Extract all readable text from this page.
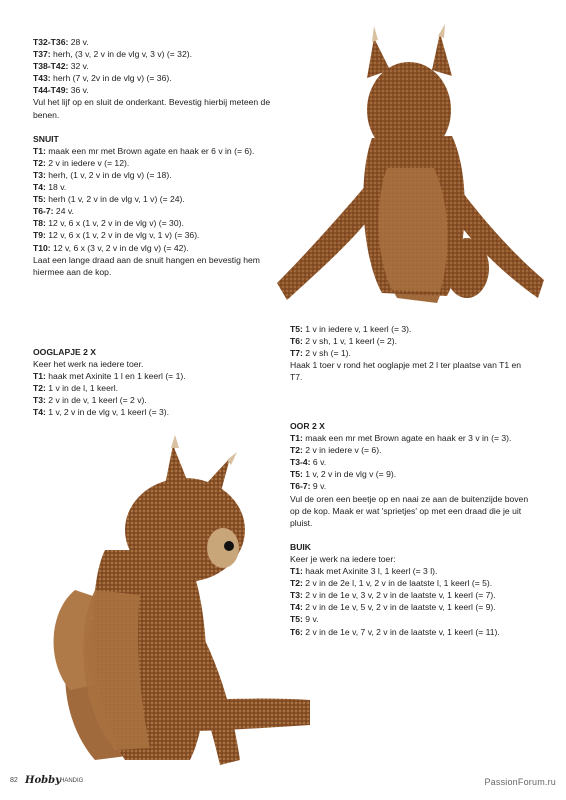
T32-T36: 28 v.

T37: herh, (3 v, 2 v in de vlg v, 3 v) (= 32).

T38-T42: 32 v.

T43: herh (7 v, 2v in de vlg v) (= 36).

T44-T49: 36 v.

Vul het lijf op en sluit de onderkant. Bevestig hierbij meteen de benen.

SNUIT

T1: maak een mr met Brown agate en haak er 6 v in (= 6).

T2: 2 v in iedere v (= 12).

T3: herh, (1 v, 2 v in de vlg v) (= 18).

T4: 18 v.

T5: herh (1 v, 2 v in de vlg v, 1 v) (= 24).

T6-7: 24 v.

T8: 12 v, 6 x (1 v, 2 v in de vlg v) (= 30).

T9: 12 v, 6 x (1 v, 2 v in de vlg v, 1 v) (= 36).

T10: 12 v, 6 x (3 v, 2 v in de vlg v) (= 42).

Laat een lange draad aan de snuit hangen en bevestig hem hiermee aan de kop.

OOGLAPJE 2 X

Keer het werk na iedere toer.

T1: haak met Axinite 1 l en 1 keerl (= 1).

T2: 1 v in de l, 1 keerl.

T3: 2 v in de v, 1 keerl (= 2 v).

T4: 1 v, 2 v in de vlg v, 1 keerl (= 3).

T5: 1 v in iedere v, 1 keerl (= 3).

T6: 2 v sh, 1 v, 1 keerl (= 2).

T7: 2 v sh (= 1).

Haak 1 toer v rond het ooglapje met 2 l ter plaatse van T1 en T7.

OOR 2 X

T1: maak een mr met Brown agate en haak er 3 v in (= 3).

T2: 2 v in iedere v (= 6).

T3-4: 6 v.

T5: 1 v, 2 v in de vlg v (= 9).

T6-7: 9 v.

Vul de oren een beetje op en naai ze aan de buitenzijde boven op de kop. Maak er wat 'sprietjes' op met een draad die je uit pluist.

BUIK

Keer je werk na iedere toer:

T1: haak met Axinite 3 l, 1 keerl (= 3 l).

T2: 2 v in de 2e l, 1 v, 2 v in de laatste l, 1 keerl (= 5).

T3: 2 v in de 1e v, 3 v, 2 v in de laatste v, 1 keerl (= 7).

T4: 2 v in de 1e v, 5 v, 2 v in de laatste v, 1 keerl (= 9).

T5: 9 v.

T6: 2 v in de 1e v, 7 v, 2 v in de laatste v, 1 keerl (= 11).

82 Hobby HANDIG	PassionForum.ru
